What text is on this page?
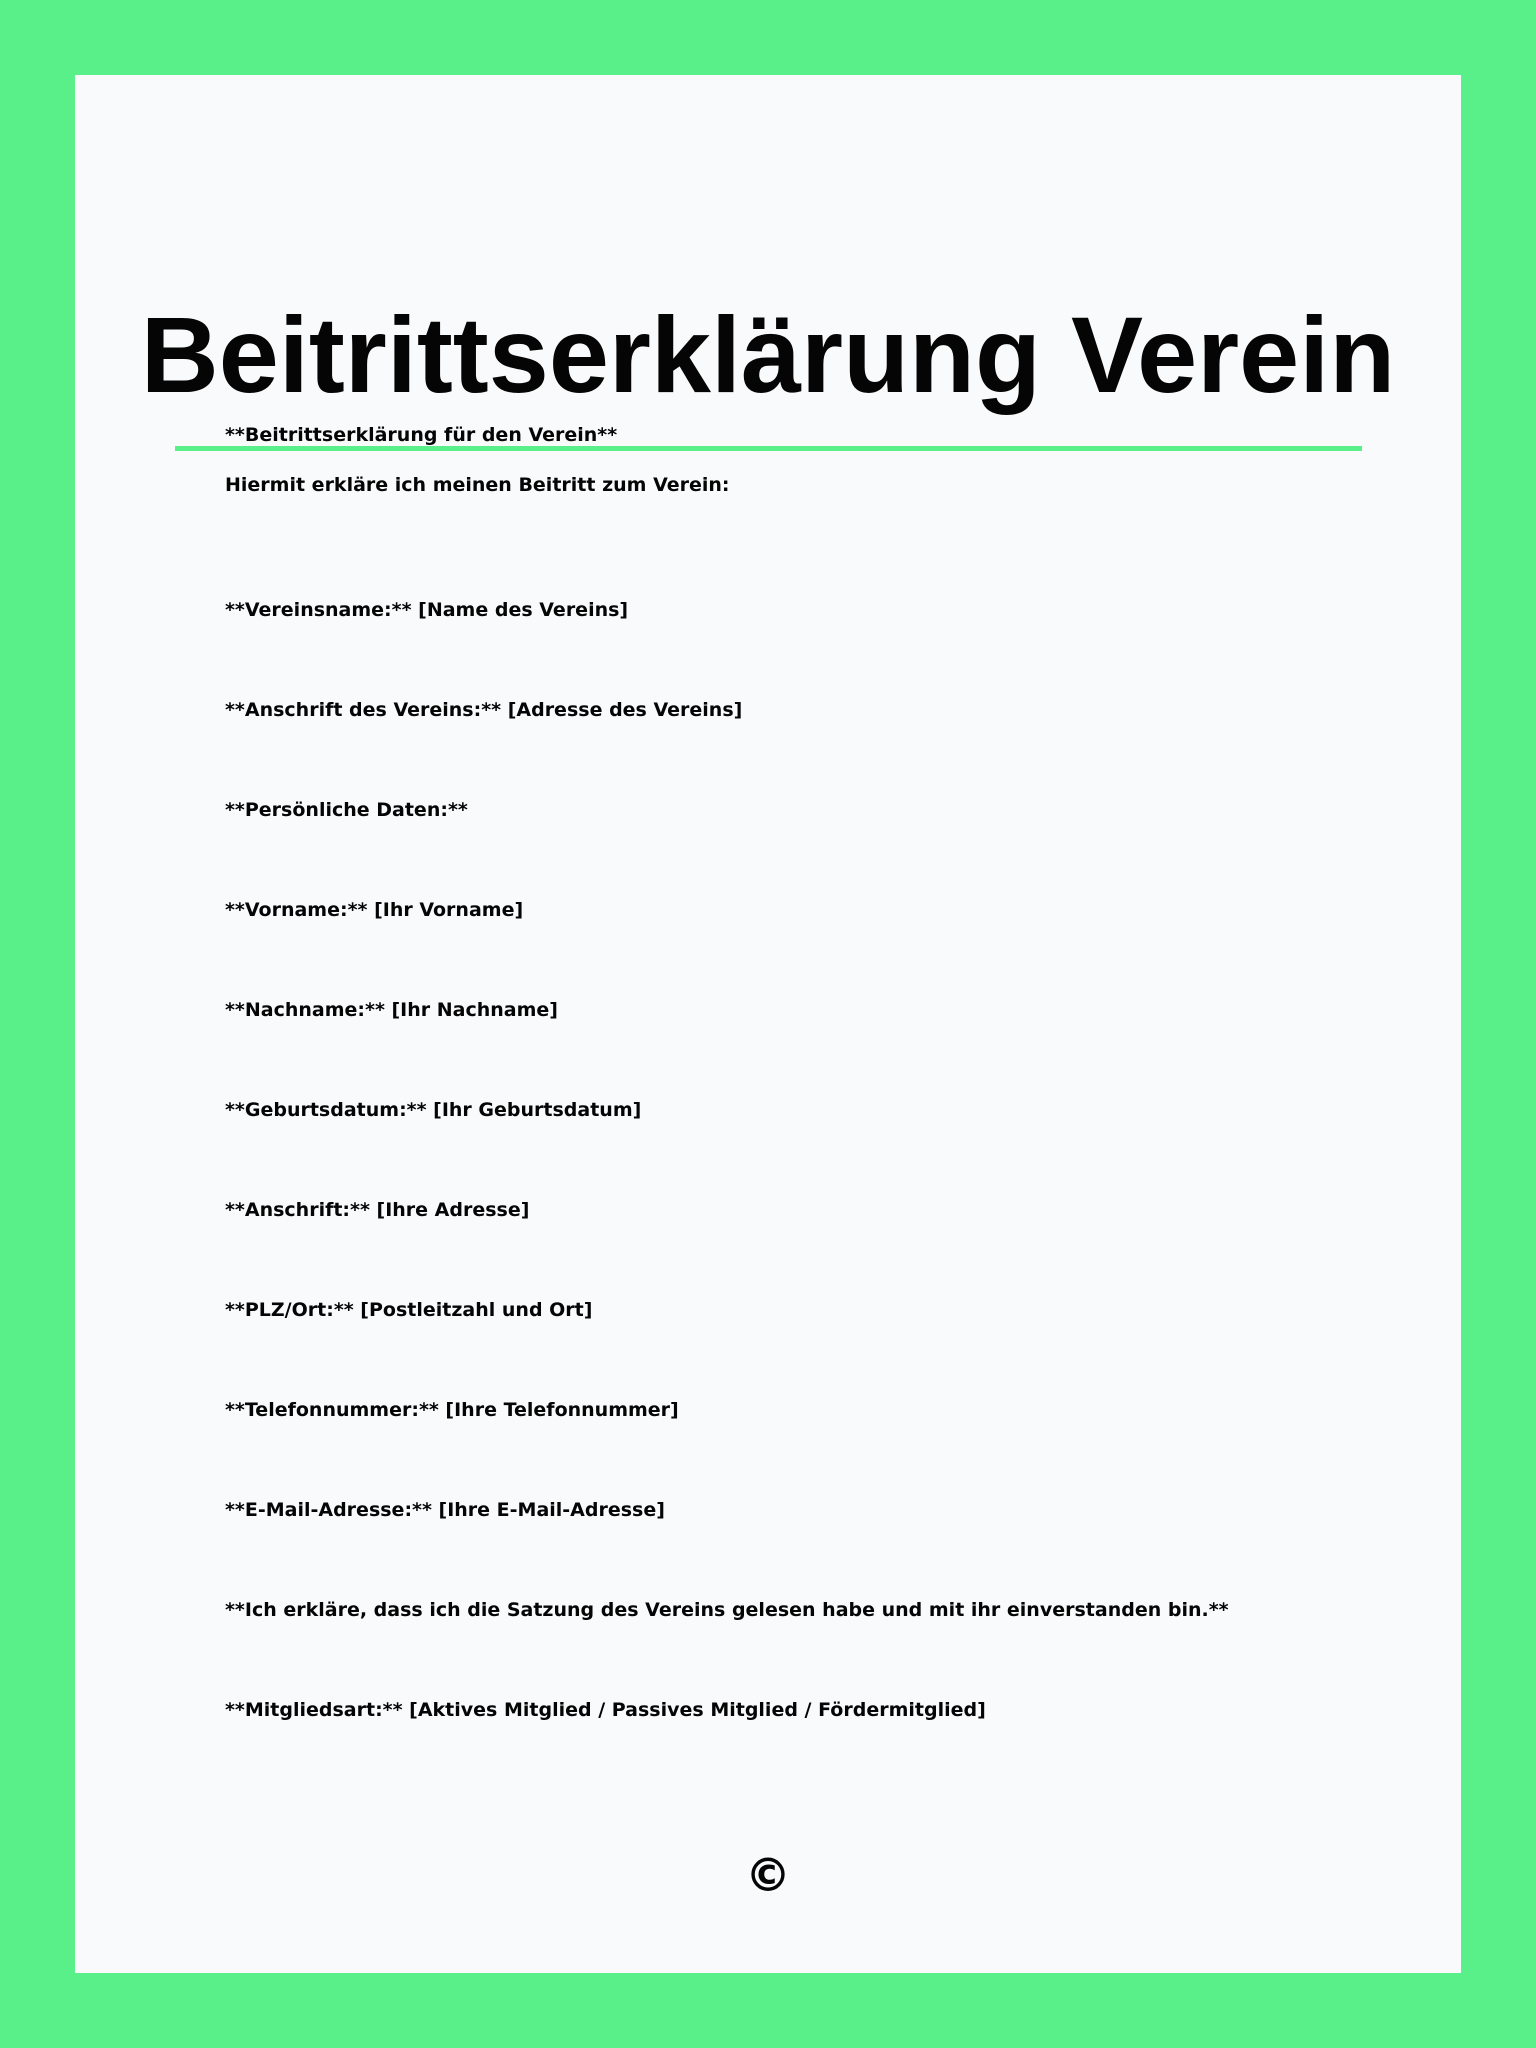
Beitrittserklärung Verein

**Beitrittserklärung für den Verein**

Hiermit erkläre ich meinen Beitritt zum Verein:

**Vereinsname:** [Name des Vereins]

**Anschrift des Vereins:** [Adresse des Vereins]

**Persönliche Daten:**

**Vorname:** [Ihr Vorname]

**Nachname:** [Ihr Nachname]

**Geburtsdatum:** [Ihr Geburtsdatum]

**Anschrift:** [Ihre Adresse]

**PLZ/Ort:** [Postleitzahl und Ort]

**Telefonnummer:** [Ihre Telefonnummer]

**E-Mail-Adresse:** [Ihre E-Mail-Adresse]

**Ich erkläre, dass ich die Satzung des Vereins gelesen habe und mit ihr einverstanden bin.**

**Mitgliedsart:** [Aktives Mitglied / Passives Mitglied / Fördermitglied]

©
